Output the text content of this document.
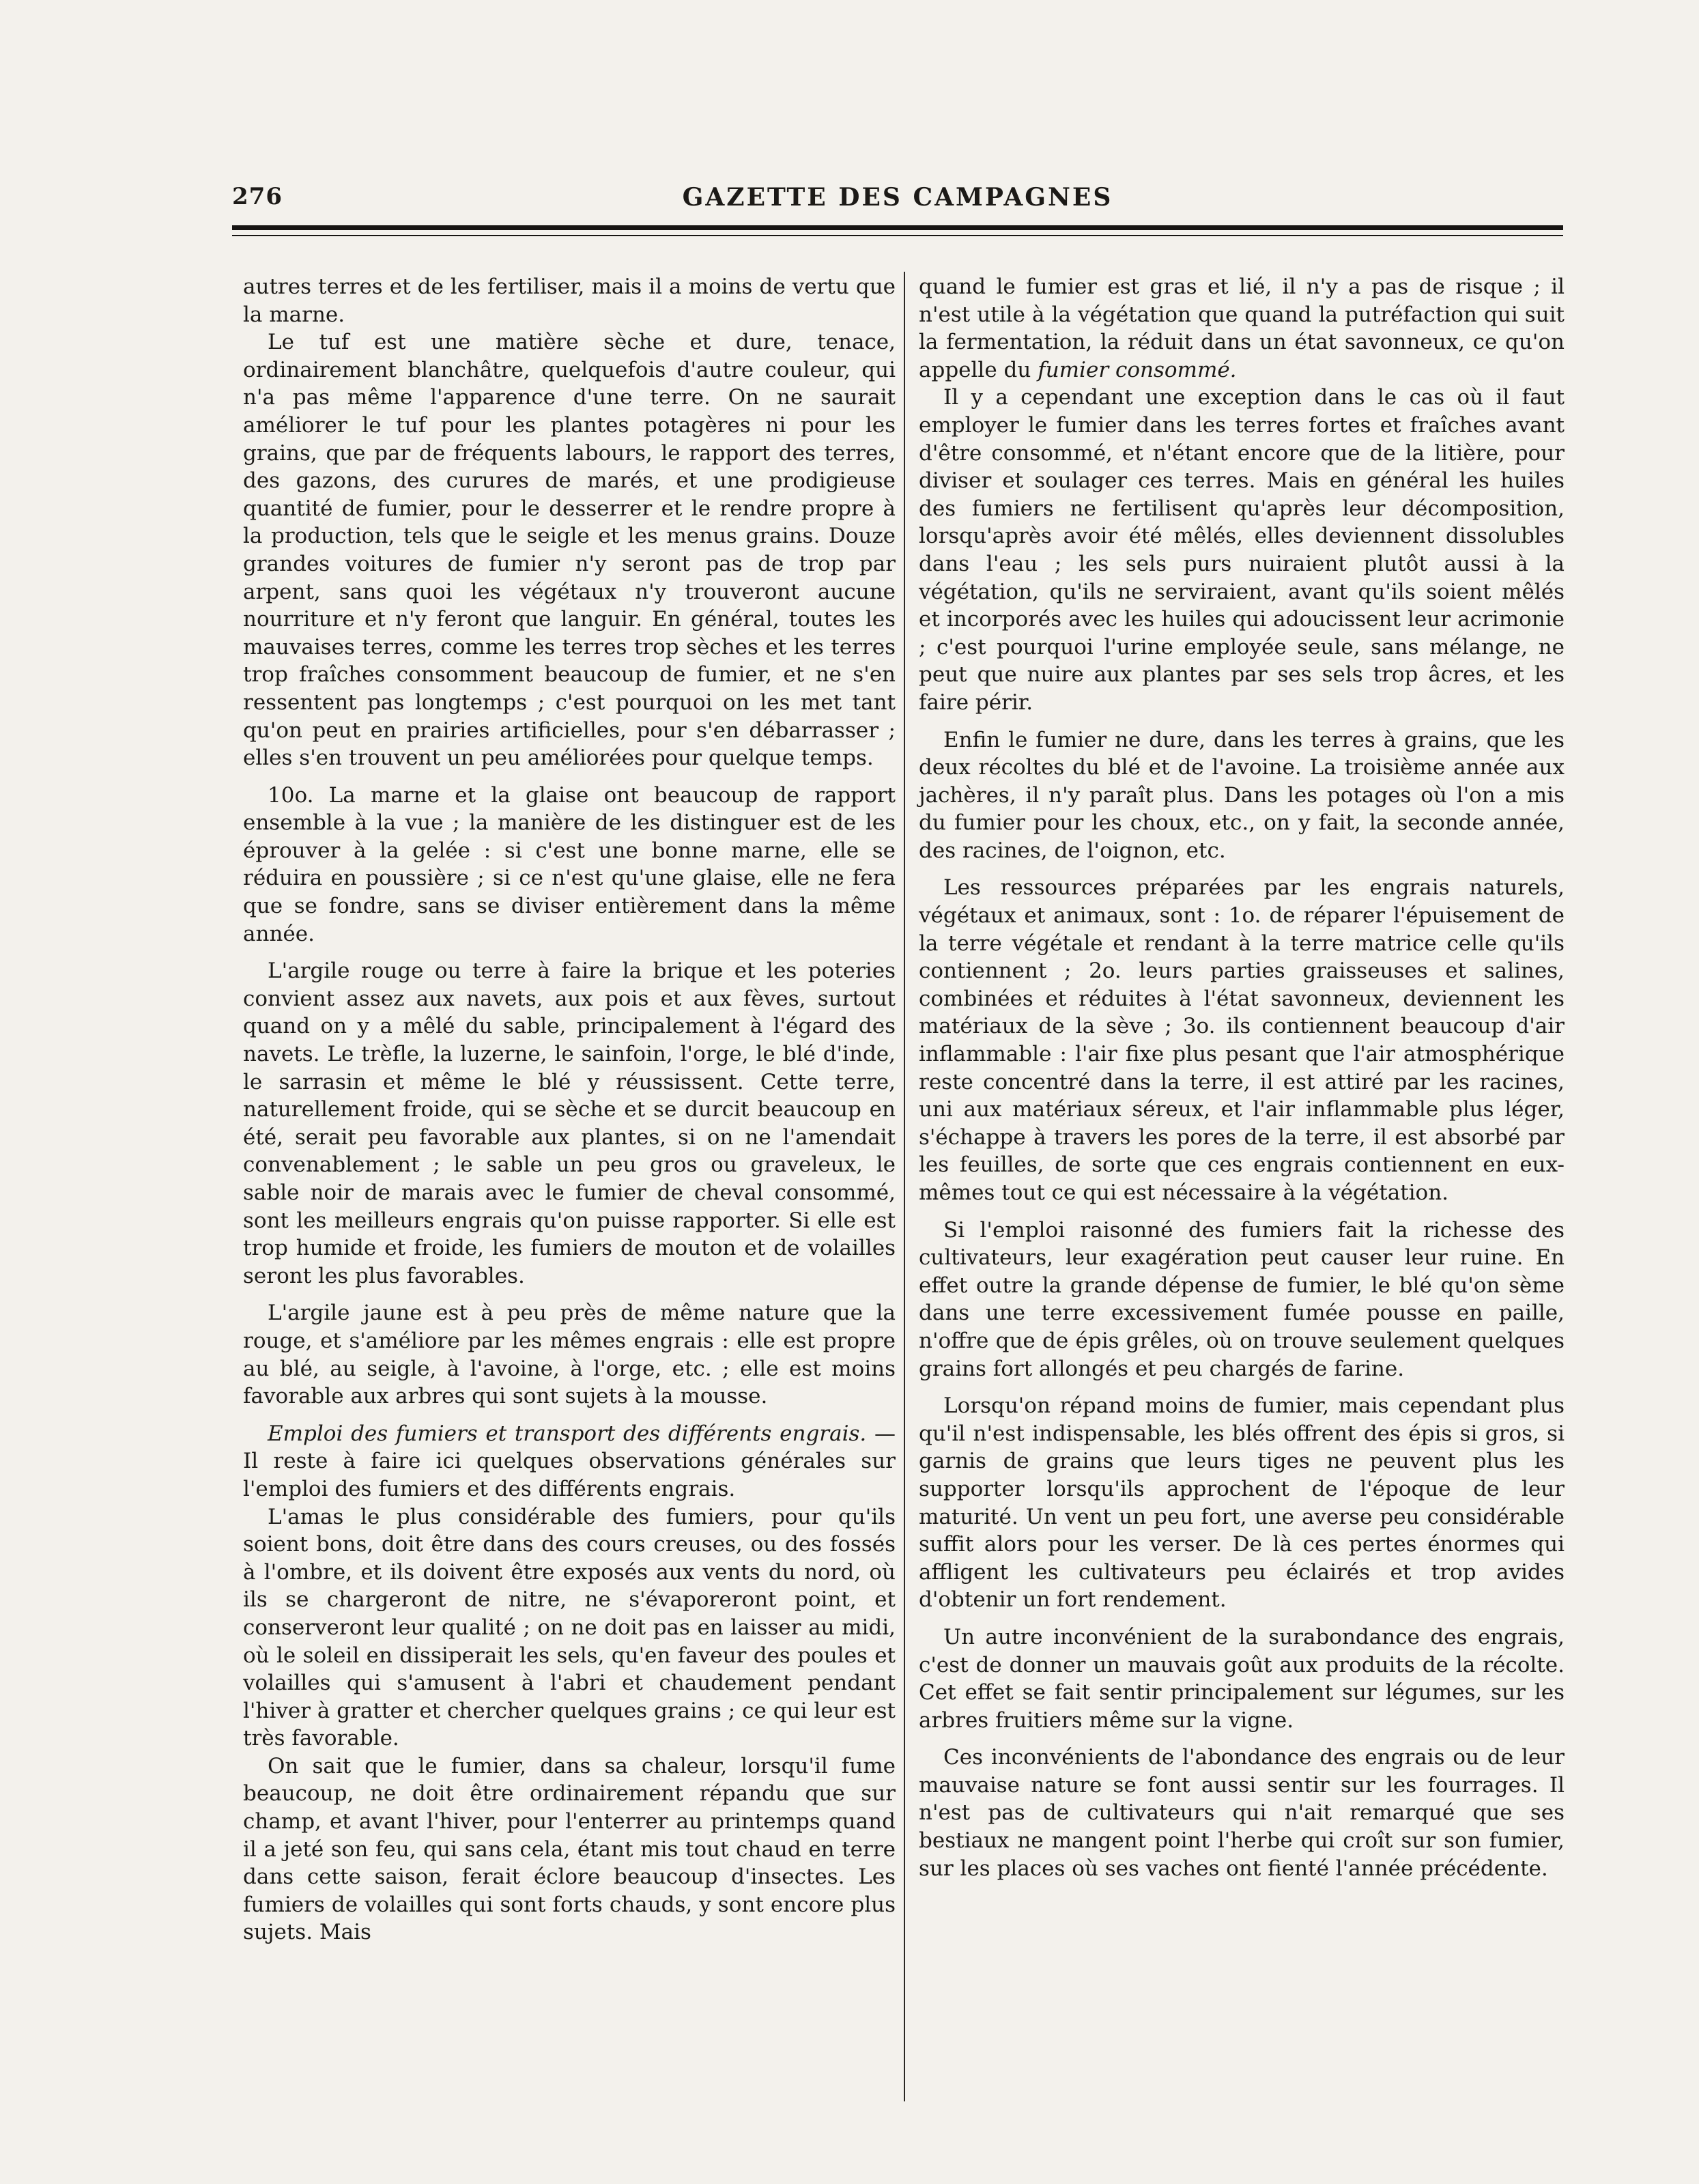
276	GAZETTE DES CAMPAGNES

autres terres et de les fertiliser, mais il a moins de vertu que la marne.

Le tuf est une matière sèche et dure, tenace, ordinairement blanchâtre, quelquefois d'autre couleur, qui n'a pas même l'apparence d'une terre. On ne saurait améliorer le tuf pour les plantes potagères ni pour les grains, que par de fréquents labours, le rapport des terres, des gazons, des curures de marés, et une prodigieuse quantité de fumier, pour le desserrer et le rendre propre à la production, tels que le seigle et les menus grains. Douze grandes voitures de fumier n'y seront pas de trop par arpent, sans quoi les végétaux n'y trouveront aucune nourriture et n'y feront que languir. En général, toutes les mauvaises terres, comme les terres trop sèches et les terres trop fraîches consomment beaucoup de fumier, et ne s'en ressentent pas longtemps ; c'est pourquoi on les met tant qu'on peut en prairies artificielles, pour s'en débarrasser ; elles s'en trouvent un peu améliorées pour quelque temps.

10o. La marne et la glaise ont beaucoup de rapport ensemble à la vue ; la manière de les distinguer est de les éprouver à la gelée : si c'est une bonne marne, elle se réduira en poussière ; si ce n'est qu'une glaise, elle ne fera que se fondre, sans se diviser entièrement dans la même année.

L'argile rouge ou terre à faire la brique et les poteries convient assez aux navets, aux pois et aux fèves, surtout quand on y a mêlé du sable, principalement à l'égard des navets. Le trèfle, la luzerne, le sainfoin, l'orge, le blé d'inde, le sarrasin et même le blé y réussissent. Cette terre, naturellement froide, qui se sèche et se durcit beaucoup en été, serait peu favorable aux plantes, si on ne l'amendait convenablement ; le sable un peu gros ou graveleux, le sable noir de marais avec le fumier de cheval consommé, sont les meilleurs engrais qu'on puisse rapporter. Si elle est trop humide et froide, les fumiers de mouton et de volailles seront les plus favorables.

L'argile jaune est à peu près de même nature que la rouge, et s'améliore par les mêmes engrais : elle est propre au blé, au seigle, à l'avoine, à l'orge, etc. ; elle est moins favorable aux arbres qui sont sujets à la mousse.

Emploi des fumiers et transport des différents engrais. — Il reste à faire ici quelques observations générales sur l'emploi des fumiers et des différents engrais.

L'amas le plus considérable des fumiers, pour qu'ils soient bons, doit être dans des cours creuses, ou des fossés à l'ombre, et ils doivent être exposés aux vents du nord, où ils se chargeront de nitre, ne s'évaporeront point, et conserveront leur qualité ; on ne doit pas en laisser au midi, où le soleil en dissiperait les sels, qu'en faveur des poules et volailles qui s'amusent à l'abri et chaudement pendant l'hiver à gratter et chercher quelques grains ; ce qui leur est très favorable.

On sait que le fumier, dans sa chaleur, lorsqu'il fume beaucoup, ne doit être ordinairement répandu que sur champ, et avant l'hiver, pour l'enterrer au printemps quand il a jeté son feu, qui sans cela, étant mis tout chaud en terre dans cette saison, ferait éclore beaucoup d'insectes. Les fumiers de volailles qui sont forts chauds, y sont encore plus sujets. Mais

quand le fumier est gras et lié, il n'y a pas de risque ; il n'est utile à la végétation que quand la putréfaction qui suit la fermentation, la réduit dans un état savonneux, ce qu'on appelle du fumier consommé.

Il y a cependant une exception dans le cas où il faut employer le fumier dans les terres fortes et fraîches avant d'être consommé, et n'étant encore que de la litière, pour diviser et soulager ces terres. Mais en général les huiles des fumiers ne fertilisent qu'après leur décomposition, lorsqu'après avoir été mêlés, elles deviennent dissolubles dans l'eau ; les sels purs nuiraient plutôt aussi à la végétation, qu'ils ne serviraient, avant qu'ils soient mêlés et incorporés avec les huiles qui adoucissent leur acrimonie ; c'est pourquoi l'urine employée seule, sans mélange, ne peut que nuire aux plantes par ses sels trop âcres, et les faire périr.

Enfin le fumier ne dure, dans les terres à grains, que les deux récoltes du blé et de l'avoine. La troisième année aux jachères, il n'y paraît plus. Dans les potages où l'on a mis du fumier pour les choux, etc., on y fait, la seconde année, des racines, de l'oignon, etc.

Les ressources préparées par les engrais naturels, végétaux et animaux, sont : 1o. de réparer l'épuisement de la terre végétale et rendant à la terre matrice celle qu'ils contiennent ; 2o. leurs parties graisseuses et salines, combinées et réduites à l'état savonneux, deviennent les matériaux de la sève ; 3o. ils contiennent beaucoup d'air inflammable : l'air fixe plus pesant que l'air atmosphérique reste concentré dans la terre, il est attiré par les racines, uni aux matériaux séreux, et l'air inflammable plus léger, s'échappe à travers les pores de la terre, il est absorbé par les feuilles, de sorte que ces engrais contiennent en eux-mêmes tout ce qui est nécessaire à la végétation.

Si l'emploi raisonné des fumiers fait la richesse des cultivateurs, leur exagération peut causer leur ruine. En effet outre la grande dépense de fumier, le blé qu'on sème dans une terre excessivement fumée pousse en paille, n'offre que de épis grêles, où on trouve seulement quelques grains fort allongés et peu chargés de farine.

Lorsqu'on répand moins de fumier, mais cependant plus qu'il n'est indispensable, les blés offrent des épis si gros, si garnis de grains que leurs tiges ne peuvent plus les supporter lorsqu'ils approchent de l'époque de leur maturité. Un vent un peu fort, une averse peu considérable suffit alors pour les verser. De là ces pertes énormes qui affligent les cultivateurs peu éclairés et trop avides d'obtenir un fort rendement.

Un autre inconvénient de la surabondance des engrais, c'est de donner un mauvais goût aux produits de la récolte. Cet effet se fait sentir principalement sur légumes, sur les arbres fruitiers même sur la vigne.

Ces inconvénients de l'abondance des engrais ou de leur mauvaise nature se font aussi sentir sur les fourrages. Il n'est pas de cultivateurs qui n'ait remarqué que ses bestiaux ne mangent point l'herbe qui croît sur son fumier, sur les places où ses vaches ont fienté l'année précédente.
